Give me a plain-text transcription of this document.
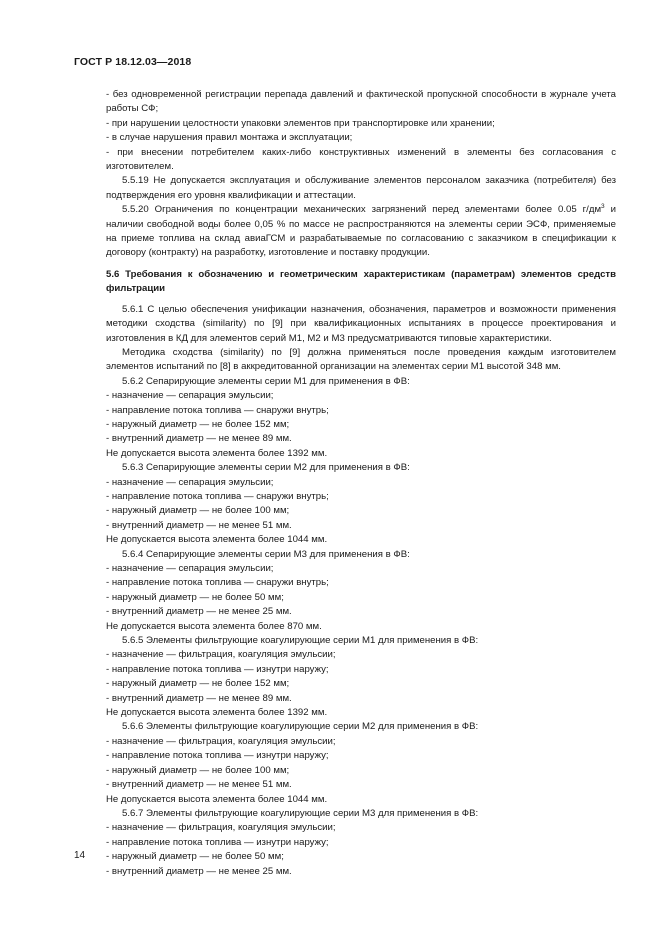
ГОСТ Р 18.12.03—2018

- без одновременной регистрации перепада давлений и фактической пропускной способности в журнале учета работы СФ;

- при нарушении целостности упаковки элементов при транспортировке или хранении;

- в случае нарушения правил монтажа и эксплуатации;

- при внесении потребителем каких-либо конструктивных изменений в элементы без согласования с изготовителем.

5.5.19 Не допускается эксплуатация и обслуживание элементов персоналом заказчика (потребителя) без подтверждения его уровня квалификации и аттестации.

5.5.20 Ограничения по концентрации механических загрязнений перед элементами более 0.05 $г/дм^3$ и наличии свободной воды более 0,05 % по массе не распространяются на элементы серии ЭСФ, применяемые на приеме топлива на склад авиаГСМ и разрабатываемые по согласованию с заказчиком в спецификации к договору (контракту) на разработку, изготовление и поставку продукции.

5.6 Требования к обозначению и геометрическим характеристикам (параметрам) элементов средств фильтрации

5.6.1 С целью обеспечения унификации назначения, обозначения, параметров и возможности применения методики сходства (similarity) по [9] при квалификационных испытаниях в процессе проектирования и изготовления в КД для элементов серий М1, М2 и М3 предусматриваются типовые характеристики.

Методика сходства (similarity) по [9] должна применяться после проведения каждым изготовителем элементов испытаний по [8] в аккредитованной организации на элементах серии М1 высотой 348 мм.

5.6.2 Сепарирующие элементы серии М1 для применения в ФВ:

- назначение — сепарация эмульсии;

- направление потока топлива — снаружи внутрь;

- наружный диаметр — не более 152 мм;

- внутренний диаметр — не менее 89 мм.

Не допускается высота элемента более 1392 мм.

5.6.3 Сепарирующие элементы серии М2 для применения в ФВ:

- назначение — сепарация эмульсии;

- направление потока топлива — снаружи внутрь;

- наружный диаметр — не более 100 мм;

- внутренний диаметр — не менее 51 мм.

Не допускается высота элемента более 1044 мм.

5.6.4 Сепарирующие элементы серии М3 для применения в ФВ:

- назначение — сепарация эмульсии;

- направление потока топлива — снаружи внутрь;

- наружный диаметр — не более 50 мм;

- внутренний диаметр — не менее 25 мм.

Не допускается высота элемента более 870 мм.

5.6.5 Элементы фильтрующие коагулирующие серии М1 для применения в ФВ:

- назначение — фильтрация, коагуляция эмульсии;

- направление потока топлива — изнутри наружу;

- наружный диаметр — не более 152 мм;

- внутренний диаметр — не менее 89 мм.

Не допускается высота элемента более 1392 мм.

5.6.6 Элементы фильтрующие коагулирующие серии М2 для применения в ФВ:

- назначение — фильтрация, коагуляция эмульсии;

- направление потока топлива — изнутри наружу;

- наружный диаметр — не более 100 мм;

- внутренний диаметр — не менее 51 мм.

Не допускается высота элемента более 1044 мм.

5.6.7 Элементы фильтрующие коагулирующие серии М3 для применения в ФВ:

- назначение — фильтрация, коагуляция эмульсии;

- направление потока топлива — изнутри наружу;

- наружный диаметр — не более 50 мм;

- внутренний диаметр — не менее 25 мм.

14
